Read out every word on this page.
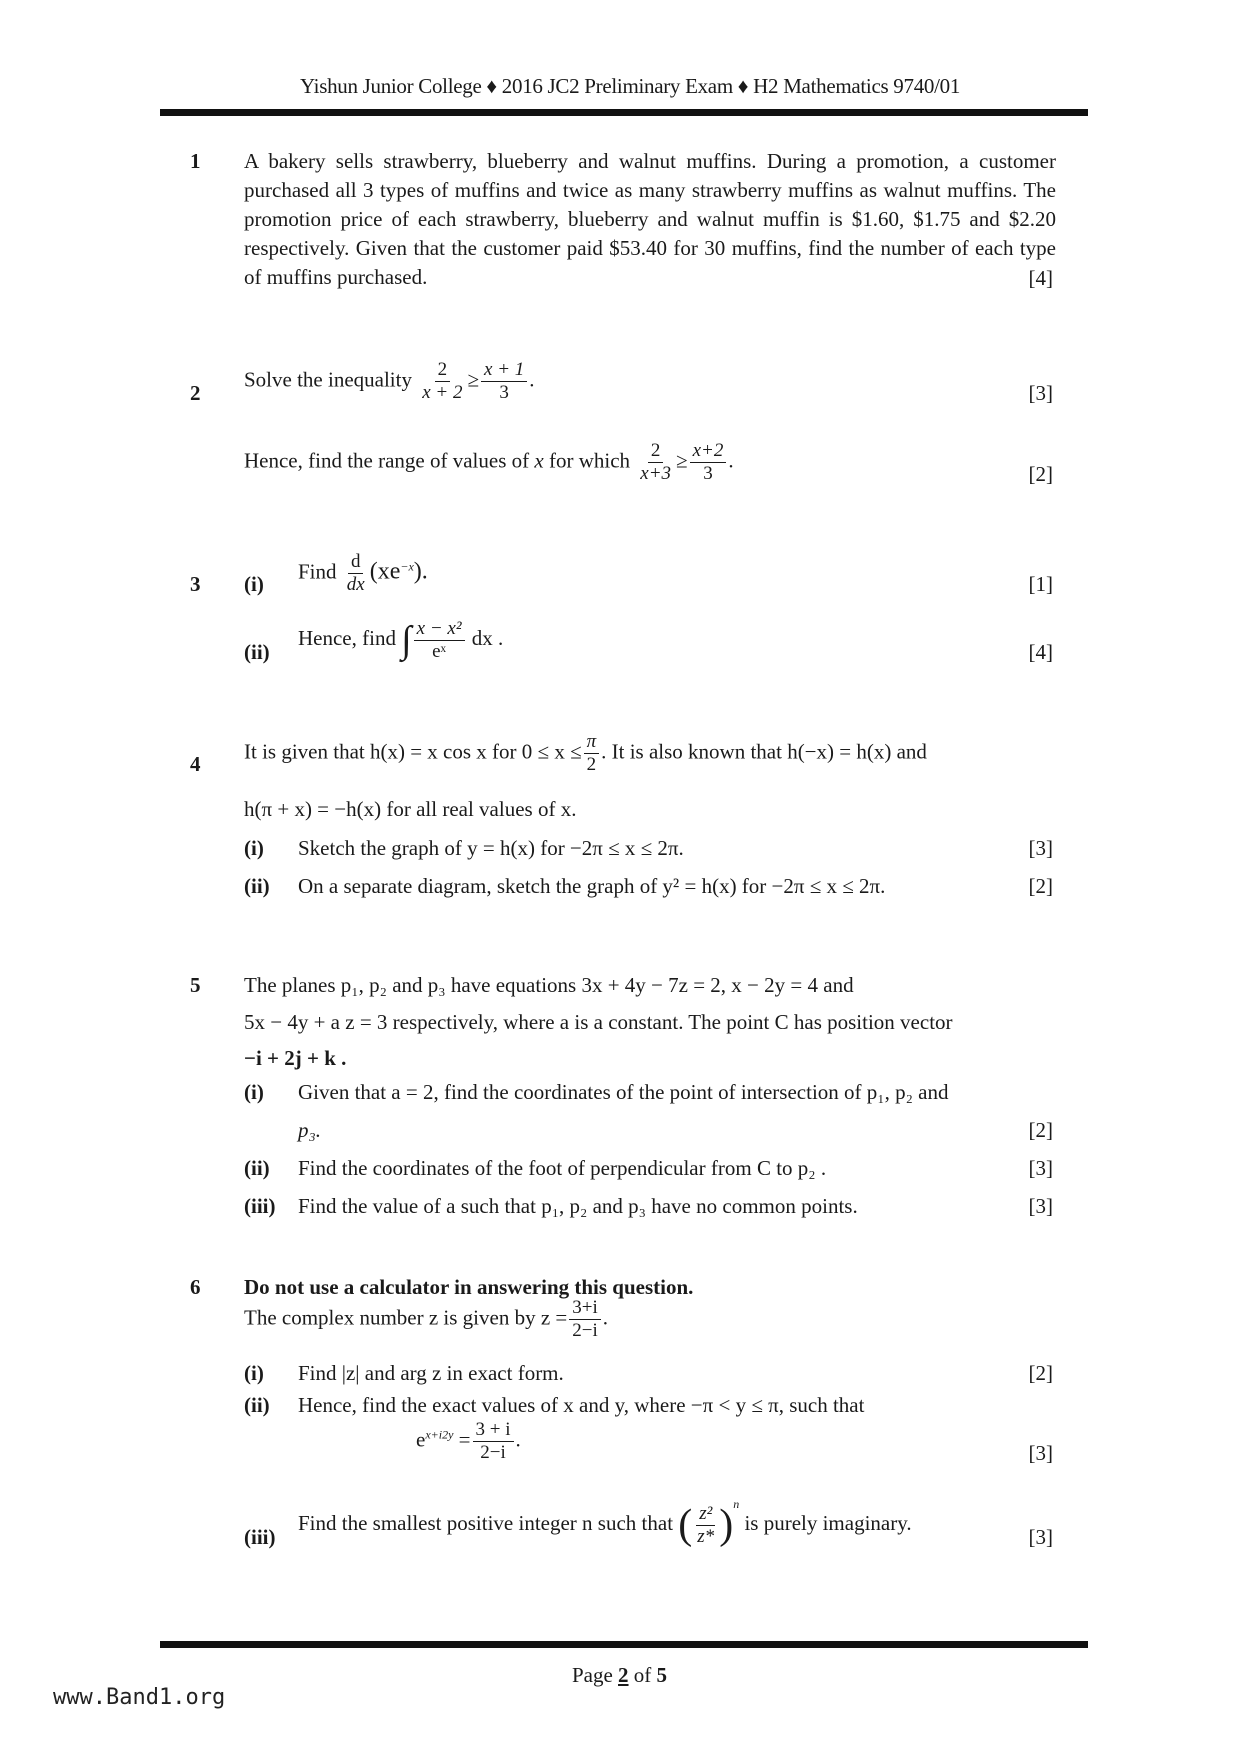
Yishun Junior College ♦ 2016 JC2 Preliminary Exam ♦ H2 Mathematics 9740/01
1	A bakery sells strawberry, blueberry and walnut muffins. During a promotion, a customer purchased all 3 types of muffins and twice as many strawberry muffins as walnut muffins. The promotion price of each strawberry, blueberry and walnut muffin is $1.60, $1.75 and $2.20 respectively. Given that the customer paid $53.40 for 30 muffins, find the number of each type of muffins purchased.	[4]
2
Solve the inequality $\frac{2}{x + 2} \ge \frac{x + 1}{3}$ .
[3]
Hence, find the range of values of x for which $\frac{2}{x+3} \ge \frac{x+2}{3}$ .
[2]
3	(i)
Find $\frac{d}{dx} (xe^{-x})$.	[1]
(ii)
Hence, find ∫ $\frac{\text{x − x²}}{\text{eˣ}}$ dx .
[4]
4
It is given that h(x) = x cos x for $0 \le x \le \frac{\pi}{2}$ . It is also known that h(−x) = h(x) and
h(π + x) = −h(x) for all real values of x.
(i) Sketch the graph of y = h(x) for −2π ≤ x ≤ 2π.	[3]
(ii) On a separate diagram, sketch the graph of y² = h(x) for −2π ≤ x ≤ 2π.	[2]
5	The planes p₁, p₂ and p₃ have equations 3x + 4y − 7z = 2, x − 2y = 4 and
5x − 4y + a z = 3 respectively, where a is a constant. The point C has position vector
−i + 2j + k .
(i) Given that a = 2, find the coordinates of the point of intersection of p₁, p₂ and
p₃.	[2]
(ii) Find the coordinates of the foot of perpendicular from C to p₂ .	[3]
(iii) Find the value of a such that p₁, p₂ and p₃ have no common points.	[3]
6	Do not use a calculator in answering this question.
The complex number z is given by $z = \frac{3+i}{2-i}$ .
(i) Find |z| and arg z in exact form.	[2]
(ii) Hence, find the exact values of x and y, where −π < y ≤ π, such that
$e^{x+i2y} = \frac{3 + i}{2-i}$ .
[3]
(iii)
Find the smallest positive integer n such that ( $\frac{\text{z²}}{z*} )^n$ is purely imaginary.
[3]
Page 2 of 5
www.Band1.org
